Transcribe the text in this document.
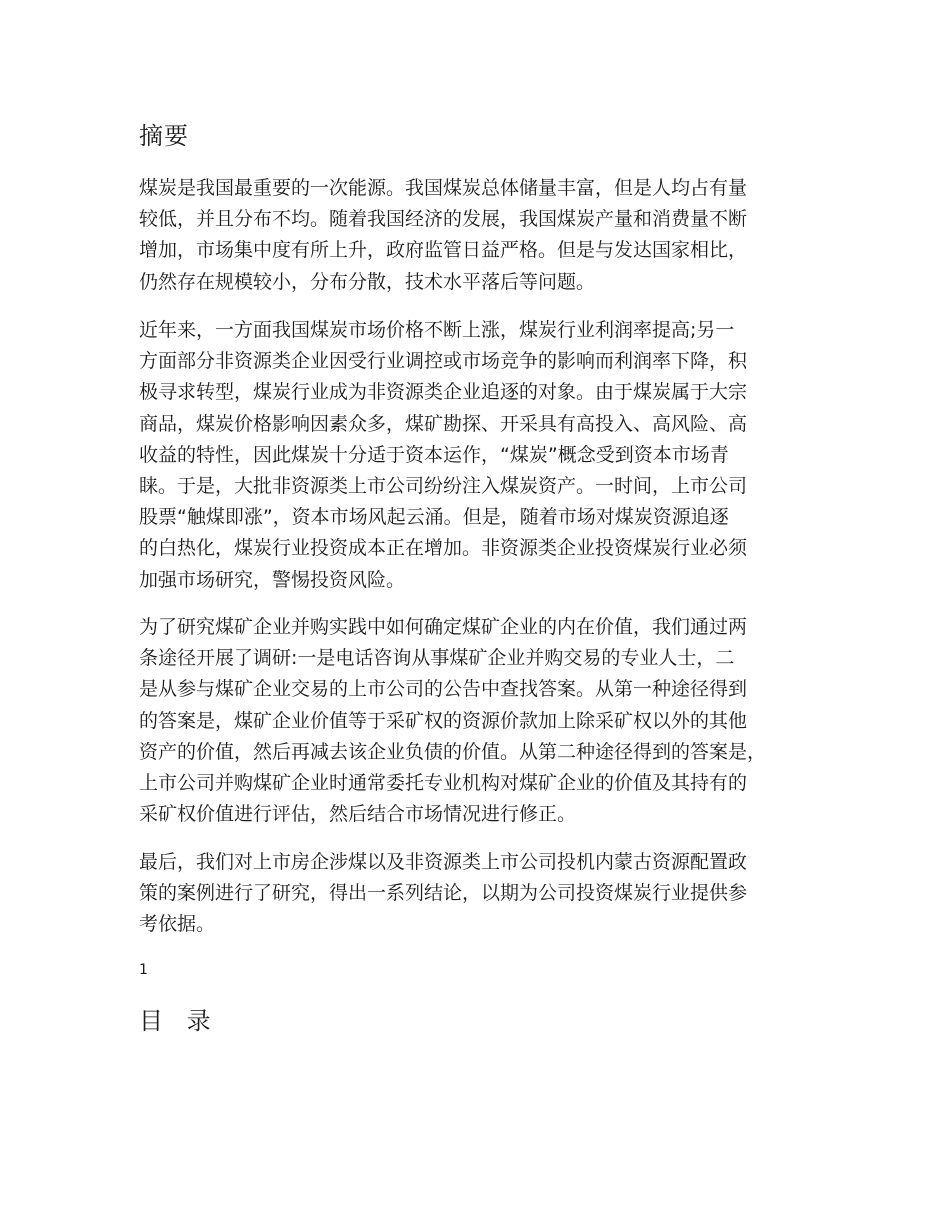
摘要

煤炭是我国最重要的一次能源。我国煤炭总体储量丰富，但是人均占有量
较低，并且分布不均。随着我国经济的发展，我国煤炭产量和消费量不断
增加，市场集中度有所上升，政府监管日益严格。但是与发达国家相比，
仍然存在规模较小，分布分散，技术水平落后等问题。

近年来，一方面我国煤炭市场价格不断上涨，煤炭行业利润率提高;另一
方面部分非资源类企业因受行业调控或市场竞争的影响而利润率下降，积
极寻求转型，煤炭行业成为非资源类企业追逐的对象。由于煤炭属于大宗
商品，煤炭价格影响因素众多，煤矿勘探、开采具有高投入、高风险、高
收益的特性，因此煤炭十分适于资本运作，“煤炭”概念受到资本市场青
睐。于是，大批非资源类上市公司纷纷注入煤炭资产。一时间，上市公司
股票“触煤即涨”，资本市场风起云涌。但是，随着市场对煤炭资源追逐
的白热化，煤炭行业投资成本正在增加。非资源类企业投资煤炭行业必须
加强市场研究，警惕投资风险。

为了研究煤矿企业并购实践中如何确定煤矿企业的内在价值，我们通过两
条途径开展了调研:一是电话咨询从事煤矿企业并购交易的专业人士，二
是从参与煤矿企业交易的上市公司的公告中查找答案。从第一种途径得到
的答案是，煤矿企业价值等于采矿权的资源价款加上除采矿权以外的其他
资产的价值，然后再减去该企业负债的价值。从第二种途径得到的答案是，
上市公司并购煤矿企业时通常委托专业机构对煤矿企业的价值及其持有的
采矿权价值进行评估，然后结合市场情况进行修正。

最后，我们对上市房企涉煤以及非资源类上市公司投机内蒙古资源配置政
策的案例进行了研究，得出一系列结论，以期为公司投资煤炭行业提供参
考依据。

1
目 录
